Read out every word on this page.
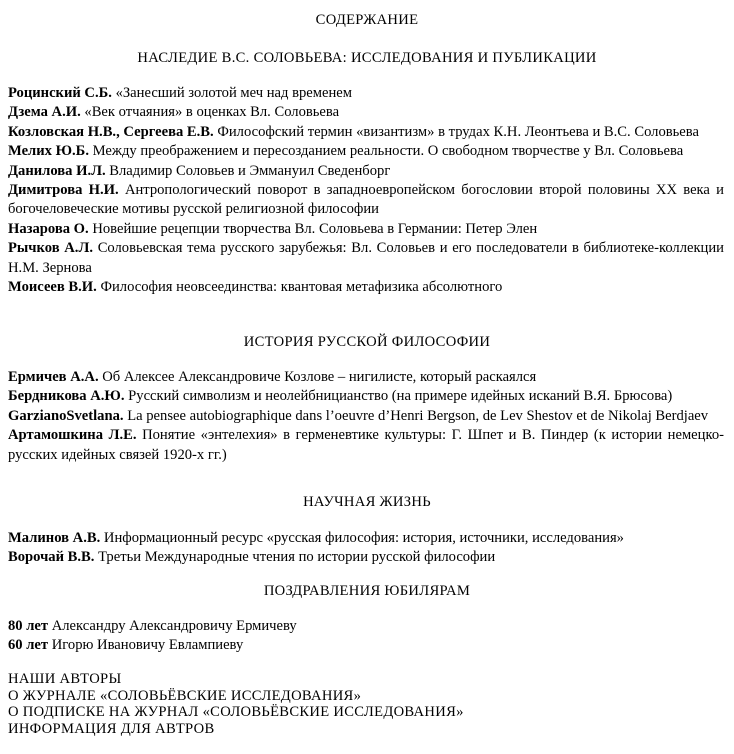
СОДЕРЖАНИЕ
НАСЛЕДИЕ В.С. СОЛОВЬЕВА: ИССЛЕДОВАНИЯ И ПУБЛИКАЦИИ
Роцинский С.Б. «Занесший золотой меч над временем
Дзема А.И. «Век отчаяния» в оценках Вл. Соловьева
Козловская Н.В., Сергеева Е.В. Философский термин «византизм» в трудах К.Н. Леонтьева и В.С. Соловьева
Мелих Ю.Б. Между преображением и пересозданием реальности. О свободном творчестве у Вл. Соловьева
Данилова И.Л. Владимир Соловьев и Эммануил Сведенборг
Димитрова Н.И. Антропологический поворот в западноевропейском богословии второй половины XX века и богочеловеческие мотивы русской религиозной философии
Назарова О. Новейшие рецепции творчества Вл. Соловьева в Германии: Петер Элен
Рычков А.Л. Соловьевская тема русского зарубежья: Вл. Соловьев и его последователи в библиотеке-коллекции Н.М. Зернова
Моисеев В.И. Философия неовсеединства: квантовая метафизика абсолютного
ИСТОРИЯ РУССКОЙ ФИЛОСОФИИ
Ермичев А.А. Об Алексее Александровиче Козлове – нигилисте, который раскаялся
Бердникова А.Ю. Русский символизм и неолейбницианство (на примере идейных исканий В.Я. Брюсова)
GarzianoSvetlana. La pensee autobiographique dans l’oeuvre d’Henri Bergson, de Lev Shestov et de Nikolaj Berdjaev
Артамошкина Л.Е. Понятие «энтелехия» в герменевтике культуры: Г. Шпет и В. Пиндер (к истории немецко-русских идейных связей 1920-х гг.)
НАУЧНАЯ ЖИЗНЬ
Малинов А.В. Информационный ресурс «русская философия: история, источники, исследования»
Ворочай В.В. Третьи Международные чтения по истории русской философии
ПОЗДРАВЛЕНИЯ ЮБИЛЯРАМ
80 лет Александру Александровичу Ермичеву
60 лет Игорю Ивановичу Евлампиеву
НАШИ АВТОРЫ
О ЖУРНАЛЕ «СОЛОВЬЁВСКИЕ ИССЛЕДОВАНИЯ»
О ПОДПИСКЕ НА ЖУРНАЛ «СОЛОВЬЁВСКИЕ ИССЛЕДОВАНИЯ»
ИНФОРМАЦИЯ ДЛЯ АВТРОВ
